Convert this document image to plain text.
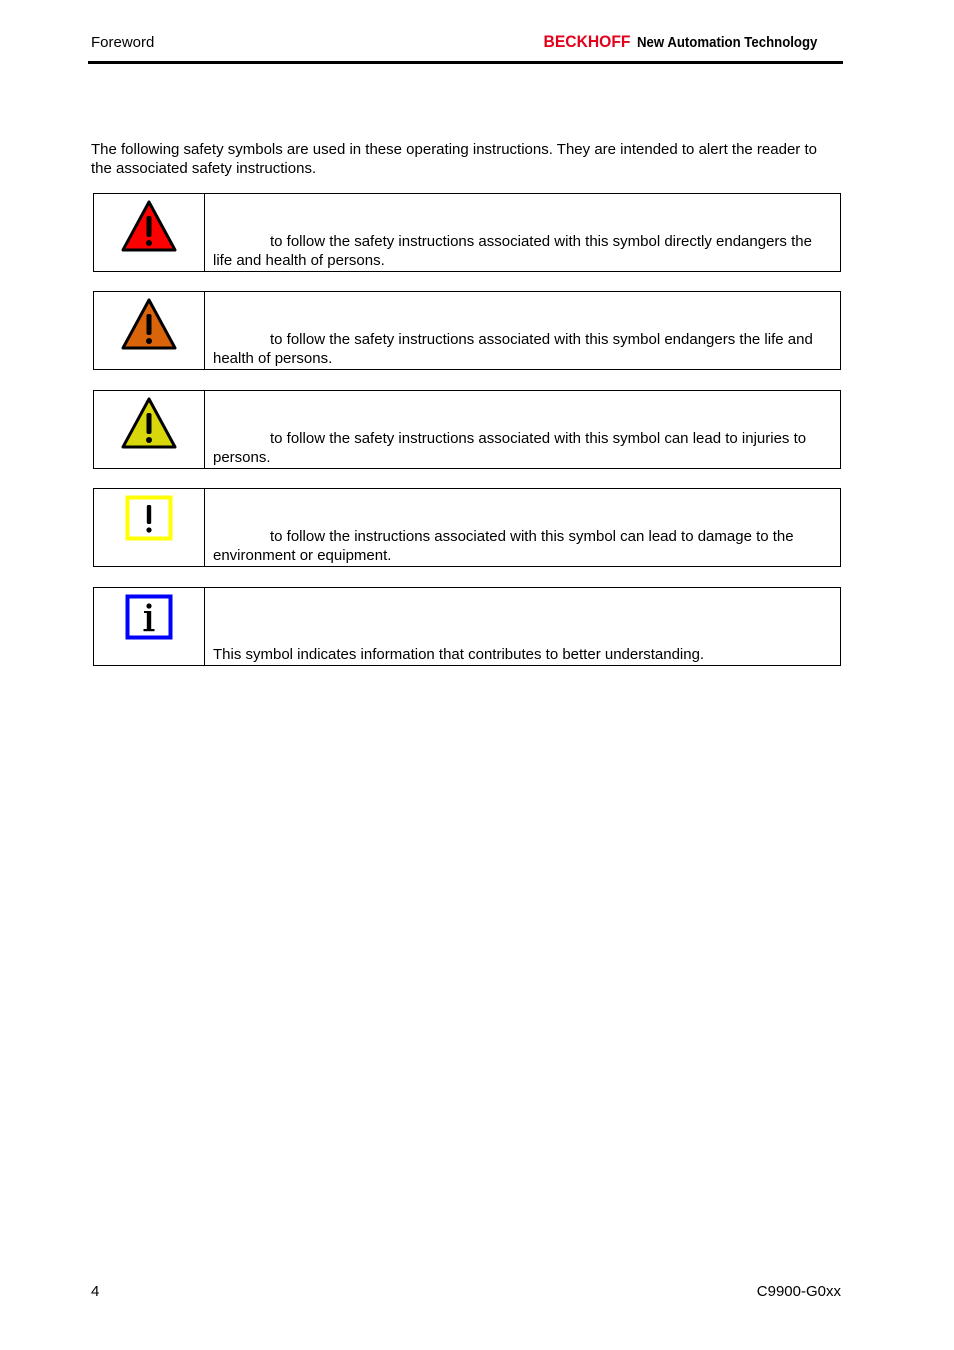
Foreword	BECKHOFF New Automation Technology
The following safety symbols are used in these operating instructions. They are intended to alert the reader to the associated safety instructions.
to follow the safety instructions associated with this symbol directly endangers the life and health of persons.
to follow the safety instructions associated with this symbol endangers the life and health of persons.
to follow the safety instructions associated with this symbol can lead to injuries to persons.
to follow the instructions associated with this symbol can lead to damage to the environment or equipment.
This symbol indicates information that contributes to better understanding.
4	C9900-G0xx
